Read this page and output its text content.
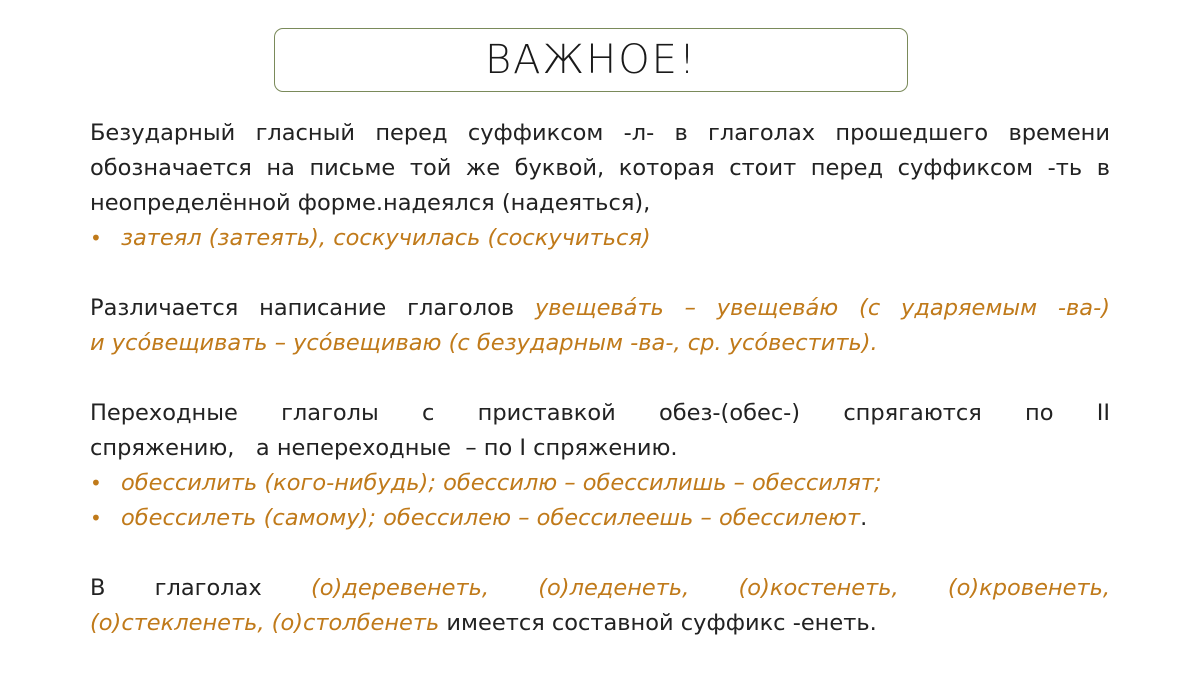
ВАЖНОЕ!

Безударный гласный перед суффиксом -л- в глаголах прошедшего времени

обозначается на письме той же буквой, которая стоит перед суффиксом -ть в

неопределённой форме.надеялся (надеяться),

• затеял (затеять), соскучилась (соскучиться)

Различается написание глаголов увещева́ть – увещева́ю (с ударяемым -ва-)

и усо́вещивать – усо́вещиваю (с безударным -ва-, ср. усо́вестить).

Переходные глаголы с приставкой обез-(обес-) спрягаются по II

спряжению,   а непереходные  – по I спряжению.

• обессилить (кого-нибудь); обессилю – обессилишь – обессилят;
• обессилеть (самому); обессилею – обессилеешь – обессилеют.

В глаголах (о)деревенеть, (о)леденеть, (о)костенеть, (о)кровенеть,

(о)стекленеть, (о)столбенеть имеется составной суффикс -енеть.
